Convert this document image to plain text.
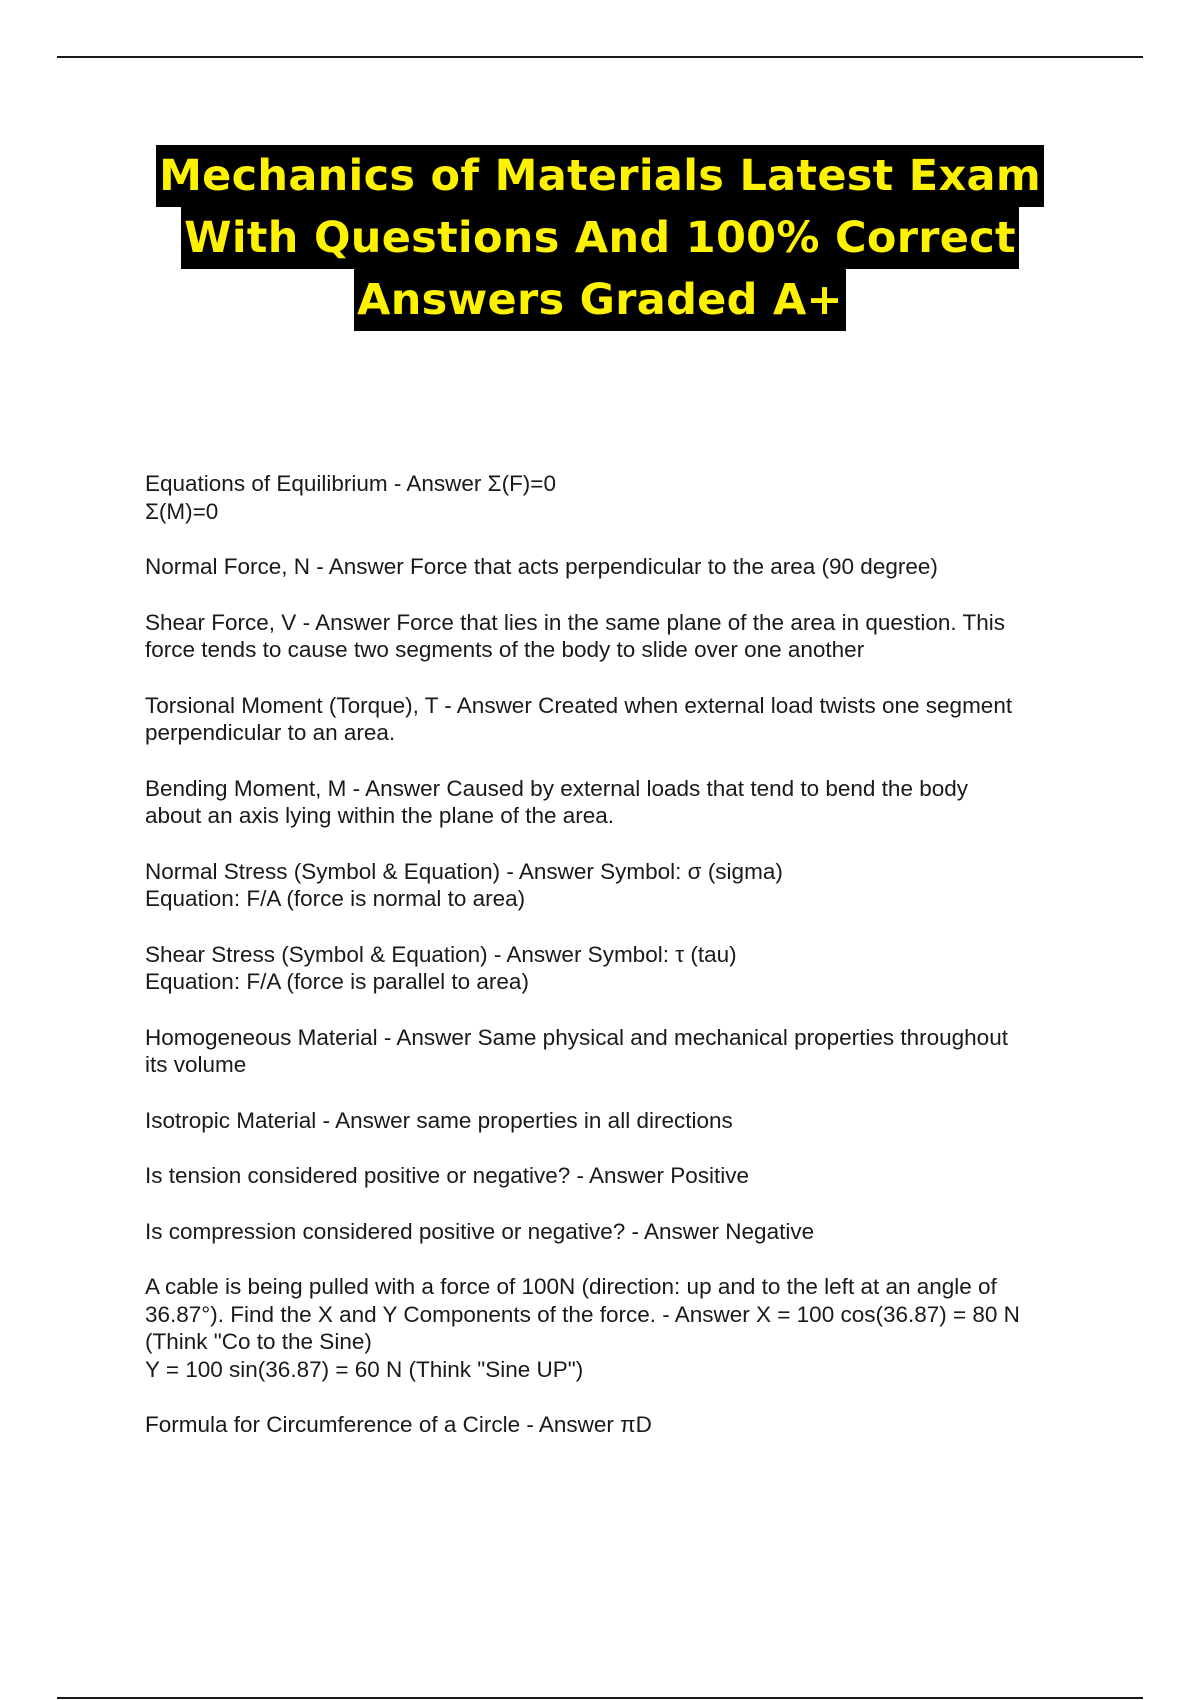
Mechanics of Materials Latest Exam
With Questions And 100% Correct
Answers Graded A+
Equations of Equilibrium - Answer Σ(F)=0
Σ(M)=0
Normal Force, N - Answer Force that acts perpendicular to the area (90 degree)
Shear Force, V - Answer Force that lies in the same plane of the area in question. This
force tends to cause two segments of the body to slide over one another
Torsional Moment (Torque), T - Answer Created when external load twists one segment
perpendicular to an area.
Bending Moment, M - Answer Caused by external loads that tend to bend the body
about an axis lying within the plane of the area.
Normal Stress (Symbol & Equation) - Answer Symbol: σ (sigma)
Equation: F/A (force is normal to area)
Shear Stress (Symbol & Equation) - Answer Symbol: τ (tau)
Equation: F/A (force is parallel to area)
Homogeneous Material - Answer Same physical and mechanical properties throughout
its volume
Isotropic Material - Answer same properties in all directions
Is tension considered positive or negative? - Answer Positive
Is compression considered positive or negative? - Answer Negative
A cable is being pulled with a force of 100N (direction: up and to the left at an angle of
36.87°). Find the X and Y Components of the force. - Answer X = 100 cos(36.87) = 80 N
(Think "Co to the Sine)
Y = 100 sin(36.87) = 60 N (Think "Sine UP")
Formula for Circumference of a Circle - Answer πD
